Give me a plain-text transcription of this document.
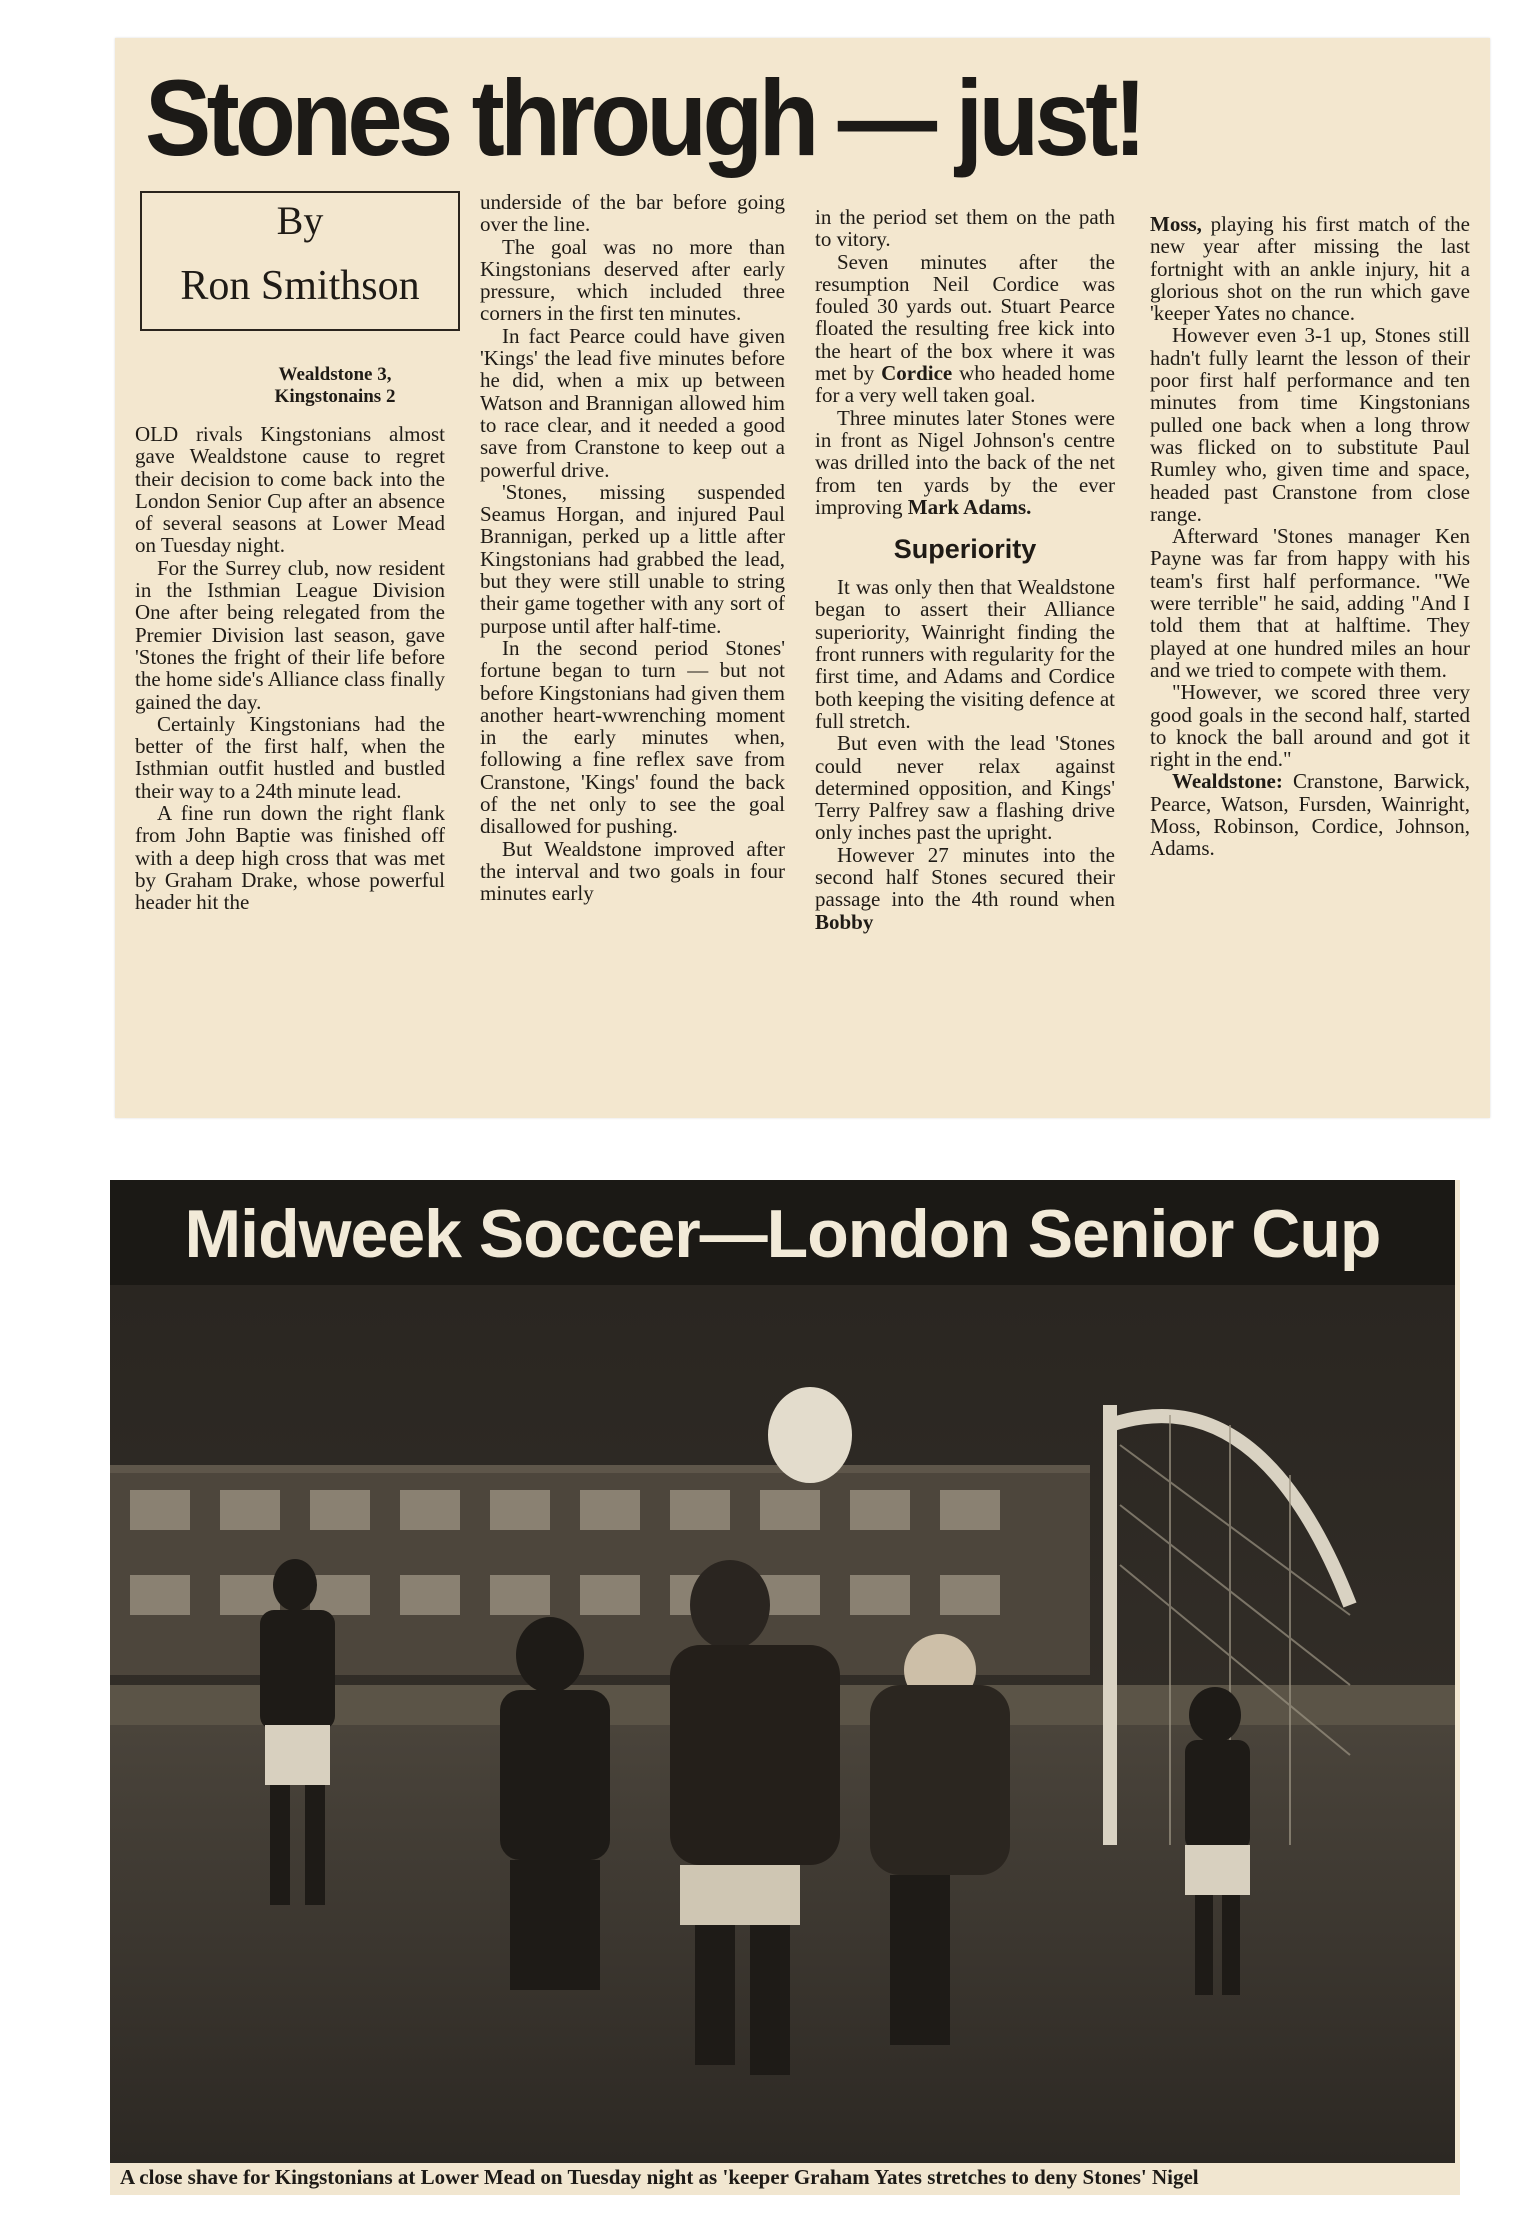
Stones through — just!
By
Ron Smithson
Wealdstone 3,
Kingstonains 2

OLD rivals Kingstonians almost gave Wealdstone cause to regret their decision to come back into the London Senior Cup after an absence of several seasons at Lower Mead on Tuesday night.

For the Surrey club, now resident in the Isthmian League Division One after being relegated from the Premier Division last season, gave 'Stones the fright of their life before the home side's Alliance class finally gained the day.

Certainly Kingstonians had the better of the first half, when the Isthmian outfit hustled and bustled their way to a 24th minute lead.

A fine run down the right flank from John Baptie was finished off with a deep high cross that was met by Graham Drake, whose powerful header hit the

underside of the bar before going over the line.

The goal was no more than Kingstonians deserved after early pressure, which included three corners in the first ten minutes.

In fact Pearce could have given 'Kings' the lead five minutes before he did, when a mix up between Watson and Brannigan allowed him to race clear, and it needed a good save from Cranstone to keep out a powerful drive.

'Stones, missing suspended Seamus Horgan, and injured Paul Brannigan, perked up a little after Kingstonians had grabbed the lead, but they were still unable to string their game together with any sort of purpose until after half-time.

In the second period Stones' fortune began to turn — but not before Kingstonians had given them another heart-wwrenching moment in the early minutes when, following a fine reflex save from Cranstone, 'Kings' found the back of the net only to see the goal disallowed for pushing.

But Wealdstone improved after the interval and two goals in four minutes early

in the period set them on the path to vitory.

Seven minutes after the resumption Neil Cordice was fouled 30 yards out. Stuart Pearce floated the resulting free kick into the heart of the box where it was met by Cordice who headed home for a very well taken goal.

Three minutes later Stones were in front as Nigel Johnson's centre was drilled into the back of the net from ten yards by the ever improving Mark Adams.

Superiority

It was only then that Wealdstone began to assert their Alliance superiority, Wainright finding the front runners with regularity for the first time, and Adams and Cordice both keeping the visiting defence at full stretch.

But even with the lead 'Stones could never relax against determined opposition, and Kings' Terry Palfrey saw a flashing drive only inches past the upright.

However 27 minutes into the second half Stones secured their passage into the 4th round when Bobby

Moss, playing his first match of the new year after missing the last fortnight with an ankle injury, hit a glorious shot on the run which gave 'keeper Yates no chance.

However even 3-1 up, Stones still hadn't fully learnt the lesson of their poor first half performance and ten minutes from time Kingstonians pulled one back when a long throw was flicked on to substitute Paul Rumley who, given time and space, headed past Cranstone from close range.

Afterward 'Stones manager Ken Payne was far from happy with his team's first half performance. "We were terrible" he said, adding "And I told them that at halftime. They played at one hundred miles an hour and we tried to compete with them.

"However, we scored three very good goals in the second half, started to knock the ball around and got it right in the end."

Wealdstone: Cranstone, Barwick, Pearce, Watson, Fursden, Wainright, Moss, Robinson, Cordice, Johnson, Adams.

Midweek Soccer—London Senior Cup
A close shave for Kingstonians at Lower Mead on Tuesday night as 'keeper Graham Yates stretches to deny Stones' Nigel
